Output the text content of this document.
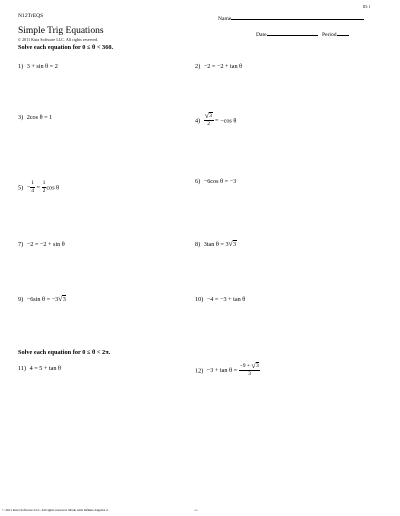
ID: 1
N12TrEQS	Name
Simple Trig Equations	Date	Period
© 2011 Kuta Software LLC. All rights reserved.
Solve each equation for 0 ≤ θ < 360.
1) 3 + sin θ = 2	2) −2 = −2 + tan θ
3) 2cos θ = 1	$4) \frac{√ 3}{2} = -\cos$ θ
$5) - \frac{1}{4} = \frac{1}{2}$ cos θ
6) −6cos θ = −3
7) −2 = −2 + sin θ	8) 3tan θ = 3 √ 3
9) −6sin θ = −3 √ 3	10) −4 = −3 + tan θ
Solve each equation for 0 ≤ θ < 2π.
11) 4 = 5 + tan θ	$12) -3 + \tan \theta = \frac{-9 + √ 3}{3}$
© 2011 Kuta Software LLC. All rights reserved. Made with Infinite Algebra 2.	-1-
